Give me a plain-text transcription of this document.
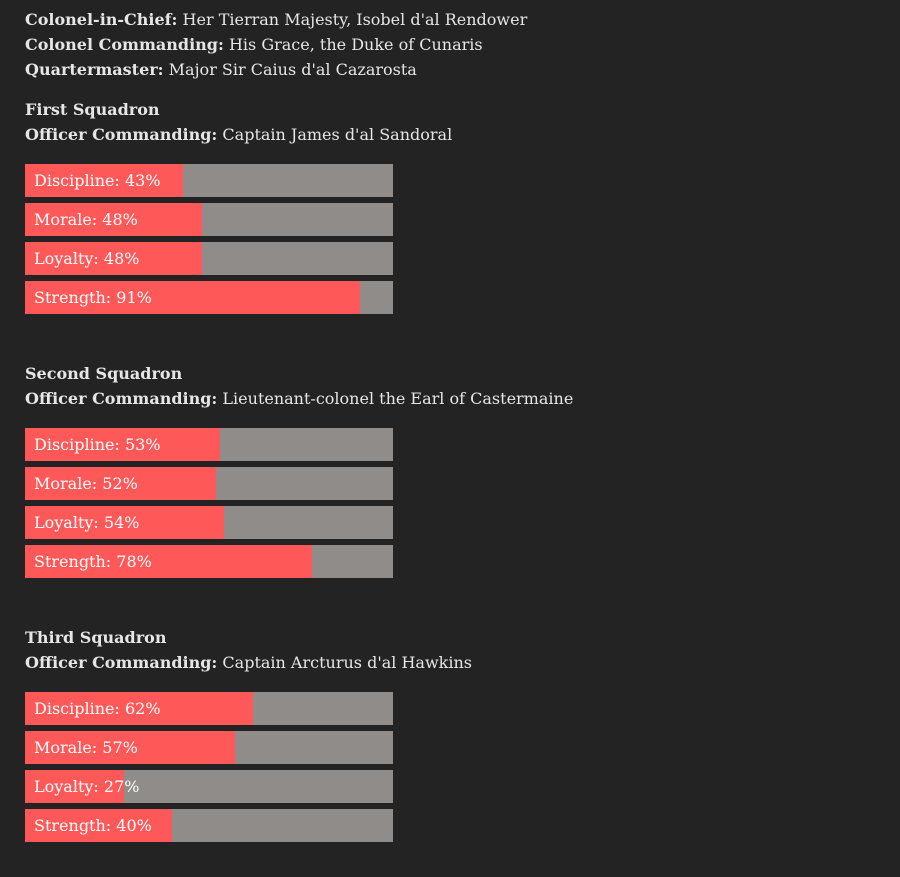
Colonel-in-Chief: Her Tierran Majesty, Isobel d'al Rendower
Colonel Commanding: His Grace, the Duke of Cunaris
Quartermaster: Major Sir Caius d'al Cazarosta
First Squadron
Officer Commanding: Captain James d'al Sandoral
Discipline: 43%
Morale: 48%
Loyalty: 48%
Strength: 91%
Second Squadron
Officer Commanding: Lieutenant-colonel the Earl of Castermaine
Discipline: 53%
Morale: 52%
Loyalty: 54%
Strength: 78%
Third Squadron
Officer Commanding: Captain Arcturus d'al Hawkins
Discipline: 62%
Morale: 57%
Loyalty: 27%
Strength: 40%
